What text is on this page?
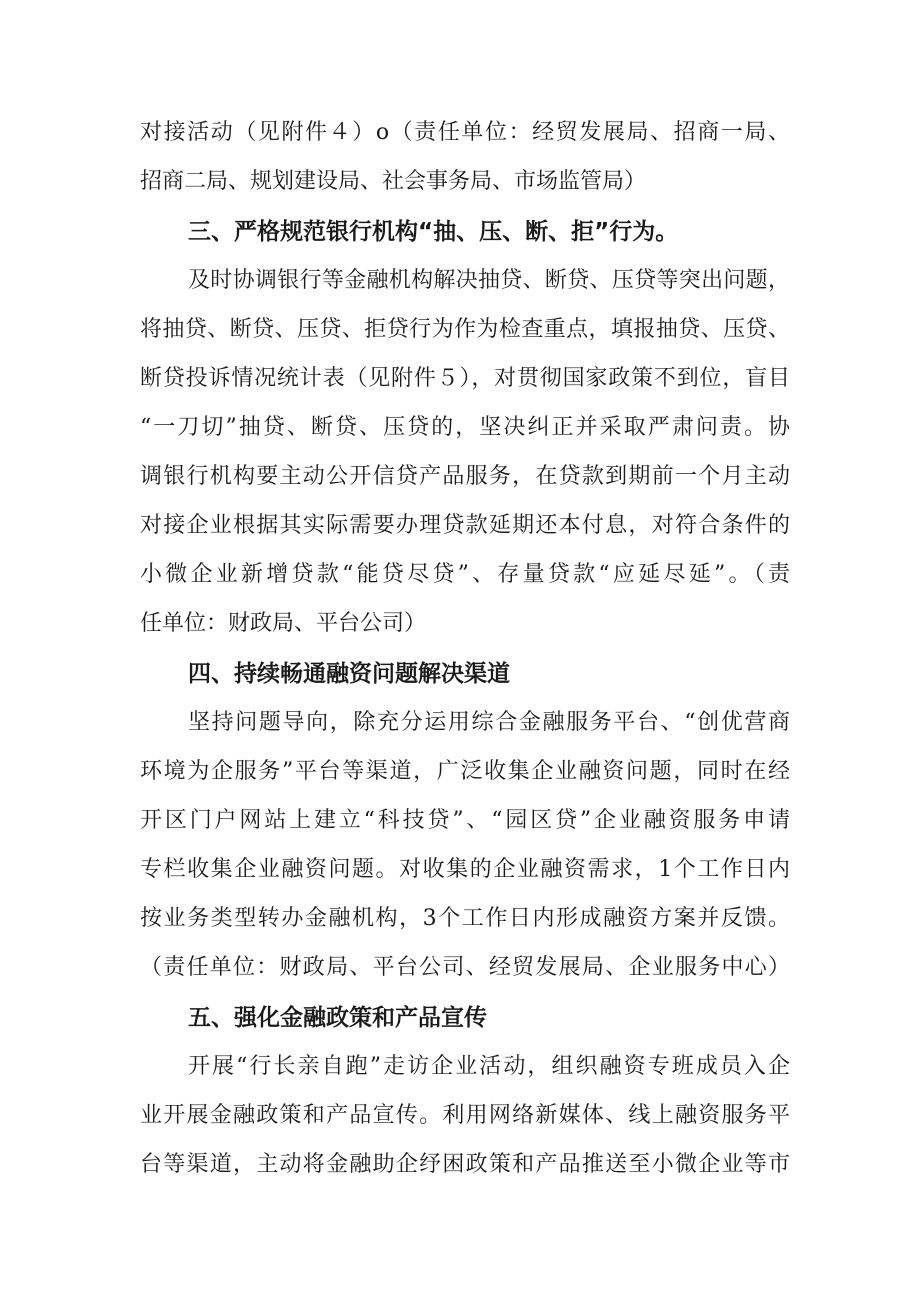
对接活动（见附件４）o（责任单位：经贸发展局、招商一局、
招商二局、规划建设局、社会事务局、市场监管局）
三、严格规范银行机构“抽、压、断、拒”行为。
及时协调银行等金融机构解决抽贷、断贷、压贷等突出问题，
将抽贷、断贷、压贷、拒贷行为作为检查重点，填报抽贷、压贷、
断贷投诉情况统计表（见附件５），对贯彻国家政策不到位，盲目
“一刀切”抽贷、断贷、压贷的，坚决纠正并采取严肃问责。协
调银行机构要主动公开信贷产品服务，在贷款到期前一个月主动
对接企业根据其实际需要办理贷款延期还本付息，对符合条件的
小微企业新增贷款“能贷尽贷”、存量贷款“应延尽延”。（责
任单位：财政局、平台公司）
四、持续畅通融资问题解决渠道
坚持问题导向，除充分运用综合金融服务平台、“创优营商
环境为企服务”平台等渠道，广泛收集企业融资问题，同时在经
开区门户网站上建立“科技贷”、“园区贷”企业融资服务申请
专栏收集企业融资问题。对收集的企业融资需求，1个工作日内
按业务类型转办金融机构，3个工作日内形成融资方案并反馈。
（责任单位：财政局、平台公司、经贸发展局、企业服务中心）
五、强化金融政策和产品宣传
开展“行长亲自跑”走访企业活动，组织融资专班成员入企
业开展金融政策和产品宣传。利用网络新媒体、线上融资服务平
台等渠道，主动将金融助企纾困政策和产品推送至小微企业等市
